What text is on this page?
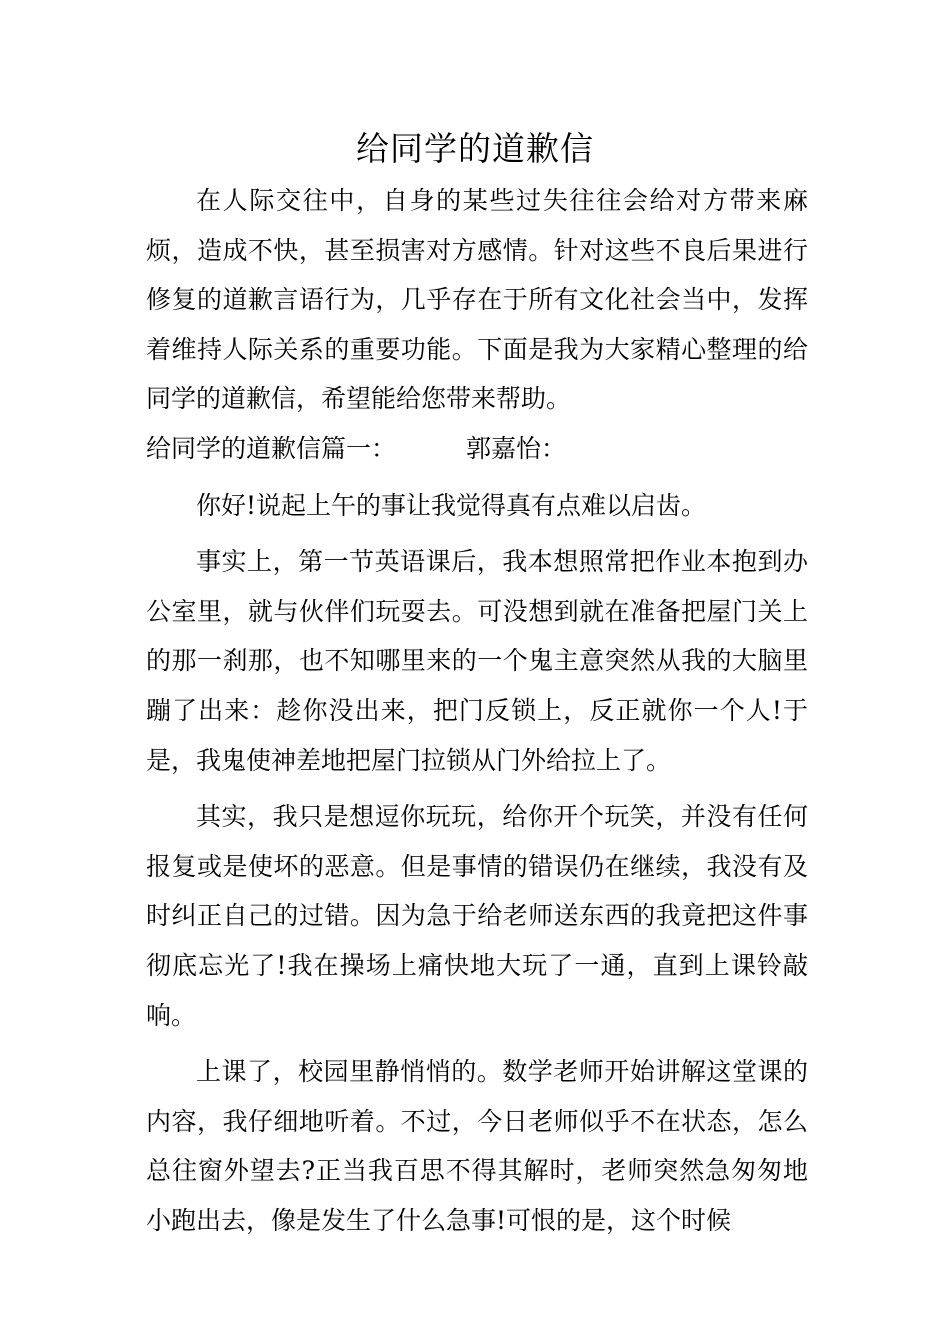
给同学的道歉信

在人际交往中，自身的某些过失往往会给对方带来麻烦，造成不快，甚至损害对方感情。针对这些不良后果进行修复的道歉言语行为，几乎存在于所有文化社会当中，发挥着维持人际关系的重要功能。下面是我为大家精心整理的给同学的道歉信，希望能给您带来帮助。

给同学的道歉信篇一：	郭嘉怡：

你好!说起上午的事让我觉得真有点难以启齿。

事实上，第一节英语课后，我本想照常把作业本抱到办公室里，就与伙伴们玩耍去。可没想到就在准备把屋门关上的那一刹那，也不知哪里来的一个鬼主意突然从我的大脑里蹦了出来：趁你没出来，把门反锁上，反正就你一个人!于是，我鬼使神差地把屋门拉锁从门外给拉上了。

其实，我只是想逗你玩玩，给你开个玩笑，并没有任何报复或是使坏的恶意。但是事情的错误仍在继续，我没有及时纠正自己的过错。因为急于给老师送东西的我竟把这件事彻底忘光了!我在操场上痛快地大玩了一通，直到上课铃敲响。

上课了，校园里静悄悄的。数学老师开始讲解这堂课的内容，我仔细地听着。不过，今日老师似乎不在状态，怎么总往窗外望去?正当我百思不得其解时，老师突然急匆匆地小跑出去，像是发生了什么急事!可恨的是，这个时候
